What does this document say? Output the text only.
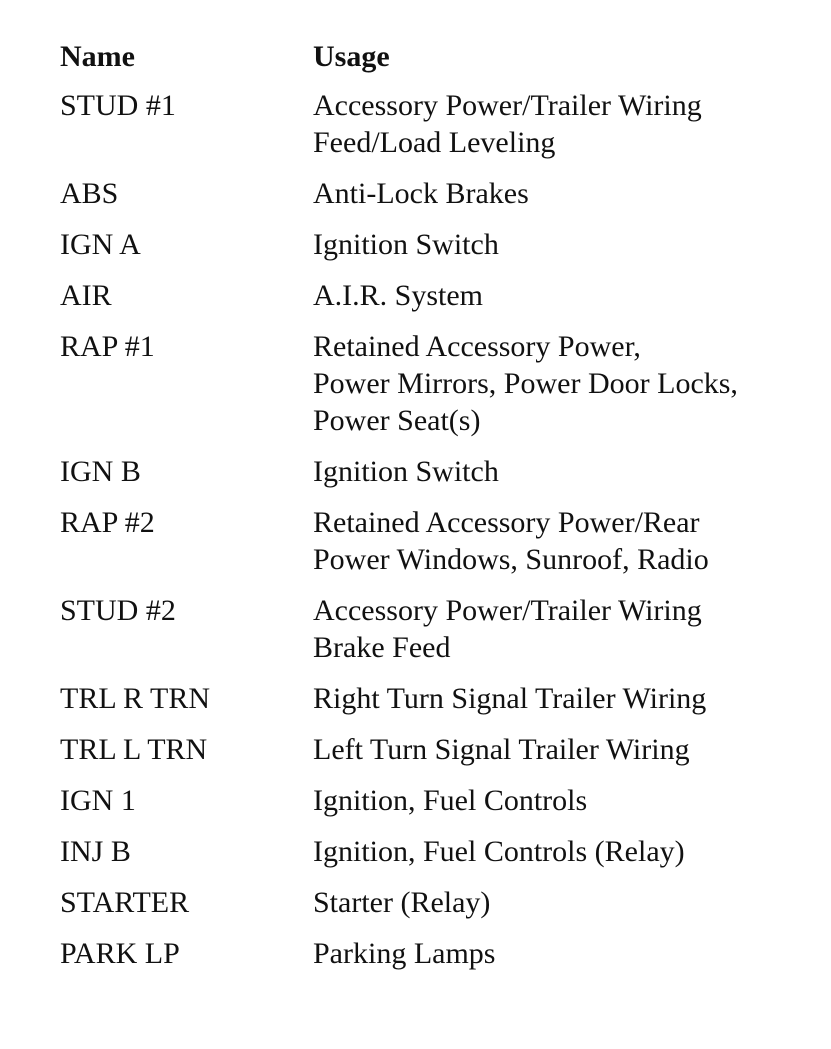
Name	Usage
STUD #1	Accessory Power/Trailer Wiring
Feed/Load Leveling
ABS	Anti-Lock Brakes
IGN A	Ignition Switch
AIR	A.I.R. System
RAP #1	Retained Accessory Power,
Power Mirrors, Power Door Locks,
Power Seat(s)
IGN B	Ignition Switch
RAP #2	Retained Accessory Power/Rear
Power Windows, Sunroof, Radio
STUD #2	Accessory Power/Trailer Wiring
Brake Feed
TRL R TRN	Right Turn Signal Trailer Wiring
TRL L TRN	Left Turn Signal Trailer Wiring
IGN 1	Ignition, Fuel Controls
INJ B	Ignition, Fuel Controls (Relay)
STARTER	Starter (Relay)
PARK LP	Parking Lamps
